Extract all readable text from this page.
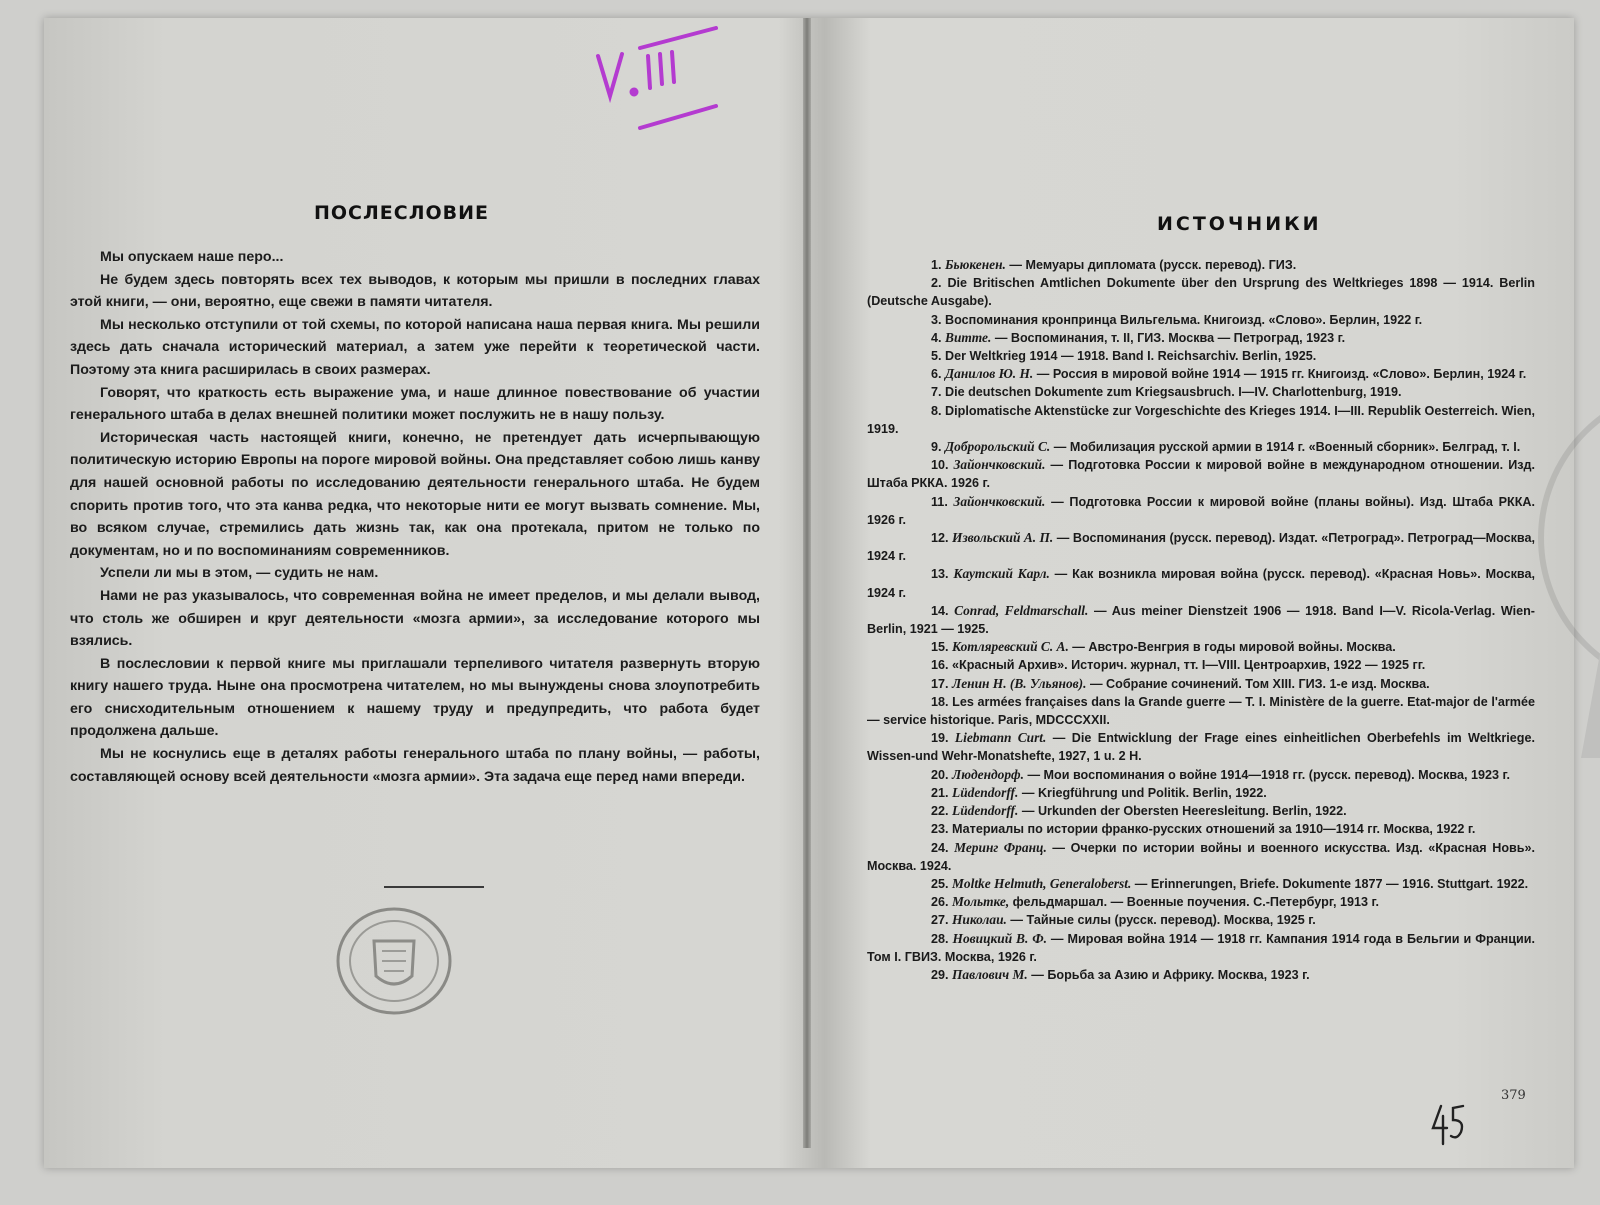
ПОСЛЕСЛОВИЕ

Мы опускаем наше перо...

Не будем здесь повторять всех тех выводов, к которым мы пришли в последних главах этой книги, — они, вероятно, еще свежи в памяти читателя.

Мы несколько отступили от той схемы, по которой написана наша первая книга. Мы решили здесь дать сначала исторический материал, а затем уже перейти к теоретической части. Поэтому эта книга расширилась в своих размерах.

Говорят, что краткость есть выражение ума, и наше длинное повествование об участии генерального штаба в делах внешней политики может послужить не в нашу пользу.

Историческая часть настоящей книги, конечно, не претендует дать исчерпывающую политическую историю Европы на пороге мировой войны. Она представляет собою лишь канву для нашей основной работы по исследованию деятельности генерального штаба. Не будем спорить против того, что эта канва редка, что некоторые нити ее могут вызвать сомнение. Мы, во всяком случае, стремились дать жизнь так, как она протекала, притом не только по документам, но и по воспоминаниям современников.

Успели ли мы в этом, — судить не нам.

Нами не раз указывалось, что современная война не имеет пределов, и мы делали вывод, что столь же обширен и круг деятельности «мозга армии», за исследование которого мы взялись.

В послесловии к первой книге мы приглашали терпеливого читателя развернуть вторую книгу нашего труда. Ныне она просмотрена читателем, но мы вынуждены снова злоупотребить его снисходительным отношением к нашему труду и предупредить, что работа будет продолжена дальше.

Мы не коснулись еще в деталях работы генерального штаба по плану войны, — работы, составляющей основу всей деятельности «мозга армии». Эта задача еще перед нами впереди.

ИСТОЧНИКИ

1. Бьюкенен. — Мемуары дипломата (русск. перевод). ГИЗ.

2. Die Britischen Amtlichen Dokumente über den Ursprung des Weltkrieges 1898 — 1914. Berlin (Deutsche Ausgabe).

3. Воспоминания кронпринца Вильгельма. Книгоизд. «Слово». Берлин, 1922 г.

4. Витте. — Воспоминания, т. II, ГИЗ. Москва — Петроград, 1923 г.

5. Der Weltkrieg 1914 — 1918. Band I. Reichsarchiv. Berlin, 1925.

6. Данилов Ю. Н. — Россия в мировой войне 1914 — 1915 гг. Книгоизд. «Слово». Берлин, 1924 г.

7. Die deutschen Dokumente zum Kriegsausbruch. I—IV. Charlottenburg, 1919.

8. Diplomatische Aktenstücke zur Vorgeschichte des Krieges 1914. I—III. Republik Oesterreich. Wien, 1919.

9. Добророльский С. — Мобилизация русской армии в 1914 г. «Военный сборник». Белград, т. I.

10. Зайончковский. — Подготовка России к мировой войне в международном отношении. Изд. Штаба РККА. 1926 г.

11. Зайончковский. — Подготовка России к мировой войне (планы войны). Изд. Штаба РККА. 1926 г.

12. Извольский А. П. — Воспоминания (русск. перевод). Издат. «Петроград». Петроград—Москва, 1924 г.

13. Каутский Карл. — Как возникла мировая война (русск. перевод). «Красная Новь». Москва, 1924 г.

14. Conrad, Feldmarschall. — Aus meiner Dienstzeit 1906 — 1918. Band I—V. Ricola-Verlag. Wien-Berlin, 1921 — 1925.

15. Котляревский С. А. — Австро-Венгрия в годы мировой войны. Москва.

16. «Красный Архив». Историч. журнал, тт. I—VIII. Центроархив, 1922 — 1925 гг.

17. Ленин Н. (В. Ульянов). — Собрание сочинений. Том XIII. ГИЗ. 1-е изд. Москва.

18. Les armées françaises dans la Grande guerre — T. I. Ministère de la guerre. Etat-major de l'armée — service historique. Paris, MDCCCXXII.

19. Liebmann Curt. — Die Entwicklung der Frage eines einheitlichen Oberbefehls im Weltkriege. Wissen-und Wehr-Monatshefte, 1927, 1 u. 2 H.

20. Людендорф. — Мои воспоминания о войне 1914—1918 гг. (русск. перевод). Москва, 1923 г.

21. Lüdendorff. — Kriegführung und Politik. Berlin, 1922.

22. Lüdendorff. — Urkunden der Obersten Heeresleitung. Berlin, 1922.

23. Материалы по истории франко-русских отношений за 1910—1914 гг. Москва, 1922 г.

24. Меринг Франц. — Очерки по истории войны и военного искусства. Изд. «Красная Новь». Москва. 1924.

25. Moltke Helmuth, Generaloberst. — Erinnerungen, Briefe. Dokumente 1877 — 1916. Stuttgart. 1922.

26. Мольтке, фельдмаршал. — Военные поучения. С.-Петербург, 1913 г.

27. Николаи. — Тайные силы (русск. перевод). Москва, 1925 г.

28. Новицкий В. Ф. — Мировая война 1914 — 1918 гг. Кампания 1914 года в Бельгии и Франции. Том I. ГВИЗ. Москва, 1926 г.

29. Павлович М. — Борьба за Азию и Африку. Москва, 1923 г.

379
